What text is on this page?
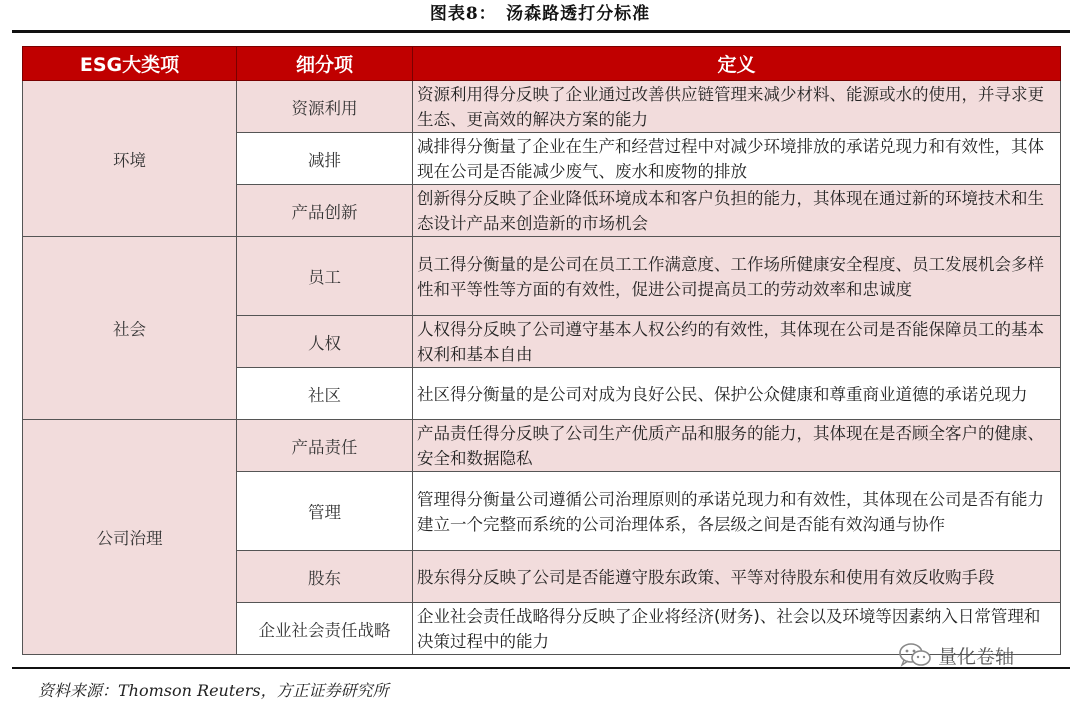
图表8：　汤森路透打分标准
ESG大类项	细分项	定义
环境	资源利用	资源利用得分反映了企业通过改善供应链管理来减少材料、能源或水的使用，并寻求更生态、更高效的解决方案的能力
	减排	减排得分衡量了企业在生产和经营过程中对减少环境排放的承诺兑现力和有效性，其体现在公司是否能减少废气、废水和废物的排放
	产品创新	创新得分反映了企业降低环境成本和客户负担的能力，其体现在通过新的环境技术和生态设计产品来创造新的市场机会
社会	员工	员工得分衡量的是公司在员工工作满意度、工作场所健康安全程度、员工发展机会多样性和平等性等方面的有效性，促进公司提高员工的劳动效率和忠诚度
	人权	人权得分反映了公司遵守基本人权公约的有效性，其体现在公司是否能保障员工的基本权利和基本自由
	社区	社区得分衡量的是公司对成为良好公民、保护公众健康和尊重商业道德的承诺兑现力
公司治理	产品责任	产品责任得分反映了公司生产优质产品和服务的能力，其体现在是否顾全客户的健康、安全和数据隐私
	管理	管理得分衡量公司遵循公司治理原则的承诺兑现力和有效性，其体现在公司是否有能力建立一个完整而系统的公司治理体系，各层级之间是否能有效沟通与协作
	股东	股东得分反映了公司是否能遵守股东政策、平等对待股东和使用有效反收购手段
	企业社会责任战略	企业社会责任战略得分反映了企业将经济(财务)、社会以及环境等因素纳入日常管理和决策过程中的能力
量化卷轴
资料来源：Thomson Reuters，方正证券研究所
